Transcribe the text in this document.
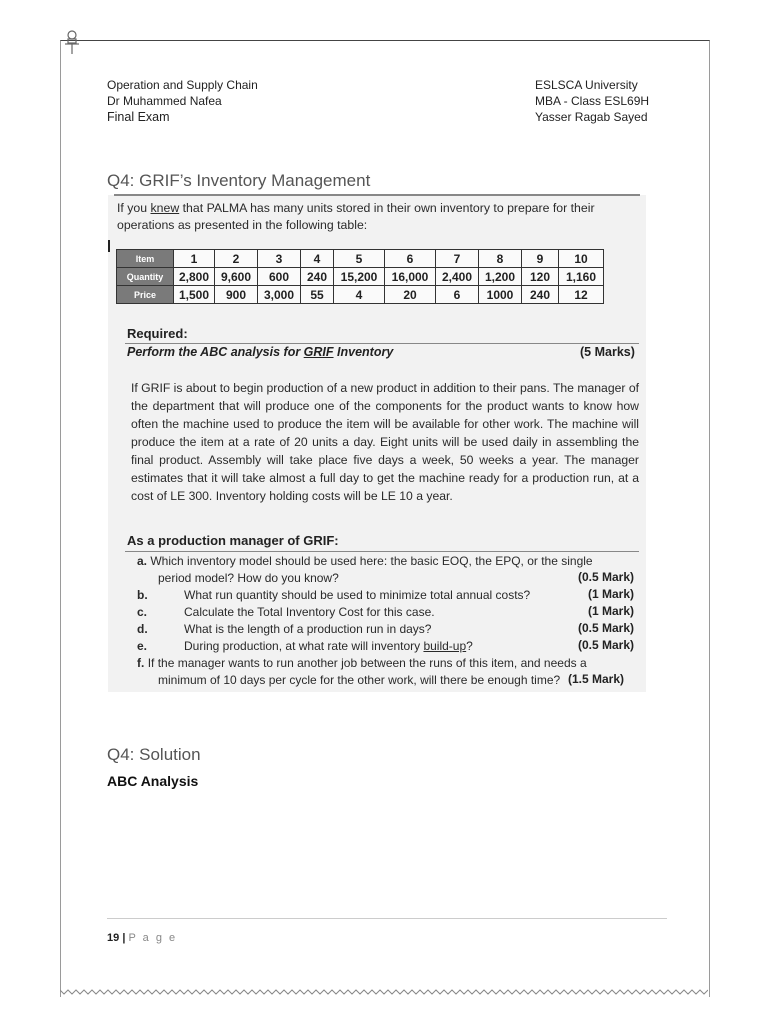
Operation and Supply Chain
Dr Muhammed Nafea
Final Exam
ESLSCA University
MBA - Class ESL69H
Yasser Ragab Sayed
Q4: GRIF’s Inventory Management
If you knew that PALMA has many units stored in their own inventory to prepare for their operations as presented in the following table:
Item	1	2	3	4	5	6	7	8	9	10
Quantity	2,800	9,600	600	240	15,200	16,000	2,400	1,200	120	1,160
Price	1,500	900	3,000	55	4	20	6	1000	240	12
Required:
Perform the ABC analysis for GRIF Inventory	(5 Marks)
If GRIF is about to begin production of a new product in addition to their pans. The manager of the department that will produce one of the components for the product wants to know how often the machine used to produce the item will be available for other work. The machine will produce the item at a rate of 20 units a day. Eight units will be used daily in assembling the final product. Assembly will take place five days a week, 50 weeks a year. The manager estimates that it will take almost a full day to get the machine ready for a production run, at a cost of LE 300. Inventory holding costs will be LE 10 a year.
As a production manager of GRIF:
a. Which inventory model should be used here: the basic EOQ, the EPQ, or the single
period model? How do you know?	(0.5 Mark)
b.	What run quantity should be used to minimize total annual costs?	(1 Mark)
c.	Calculate the Total Inventory Cost for this case.	(1 Mark)
d.	What is the length of a production run in days?	(0.5 Mark)
e.	During production, at what rate will inventory build-up?	(0.5 Mark)
f. If the manager wants to run another job between the runs of this item, and needs a
minimum of 10 days per cycle for the other work, will there be enough time? (1.5 Mark)
Q4: Solution
ABC Analysis
19 | P a g e
